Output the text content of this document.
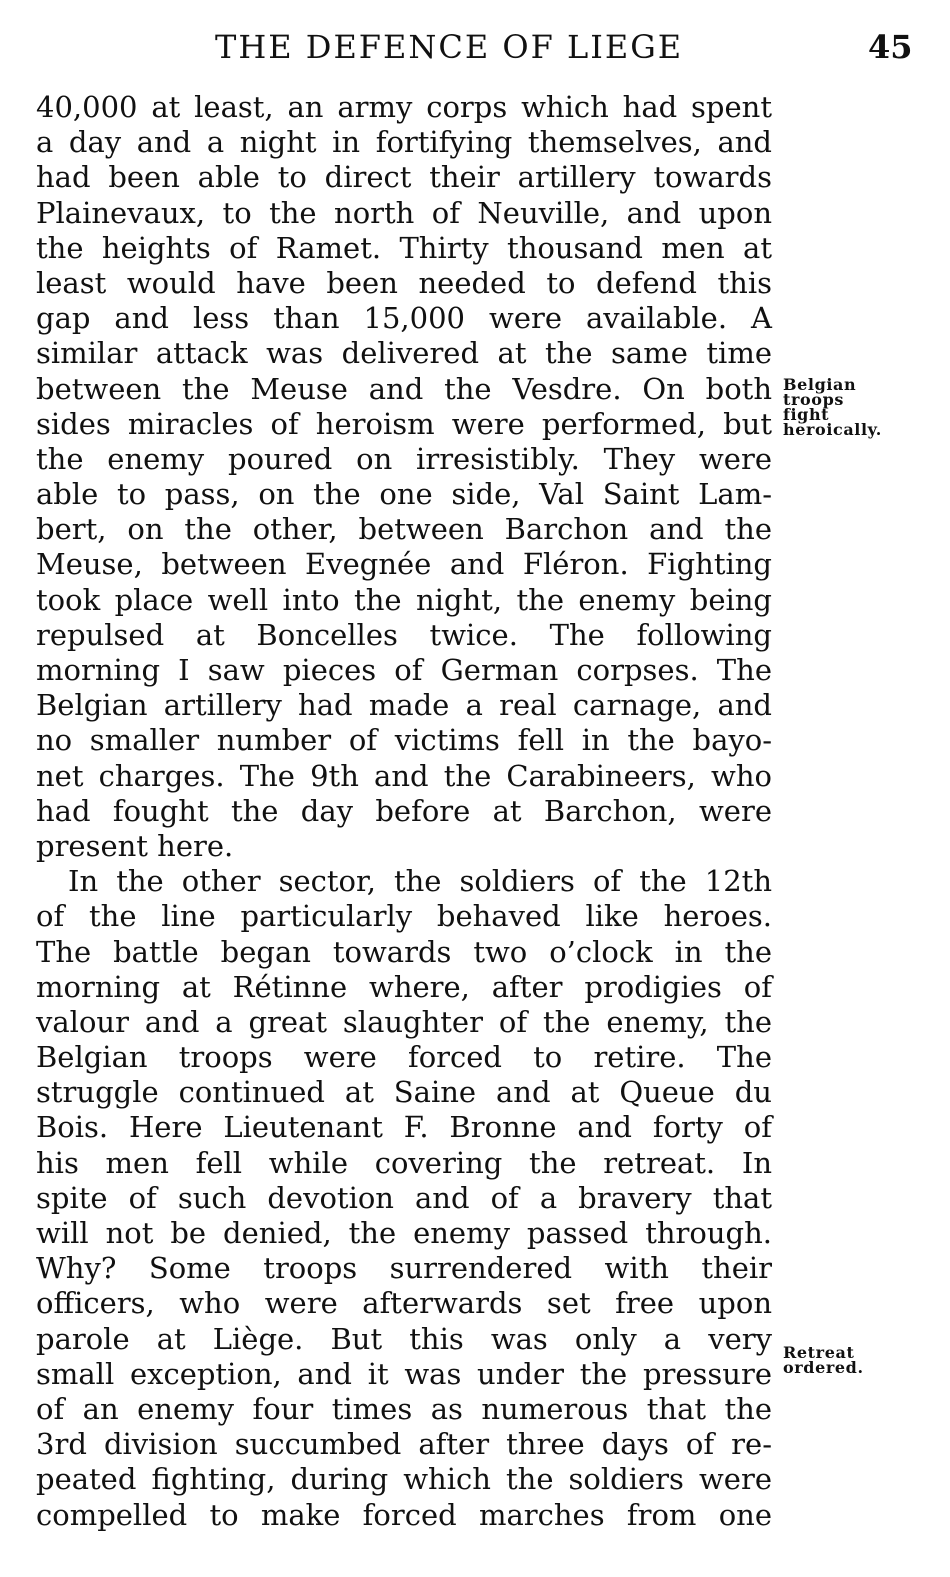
THE DEFENCE OF LIEGE	45
40,000 at least, an army corps which had spent
a day and a night in fortifying themselves, and
had been able to direct their artillery towards
Plainevaux, to the north of Neuville, and upon
the heights of Ramet. Thirty thousand men at
least would have been needed to defend this
gap and less than 15,000 were available. A
similar attack was delivered at the same time
between the Meuse and the Vesdre. On both
sides miracles of heroism were performed, but
the enemy poured on irresistibly. They were
able to pass, on the one side, Val Saint Lam-
bert, on the other, between Barchon and the
Meuse, between Evegnée and Fléron. Fighting
took place well into the night, the enemy being
repulsed at Boncelles twice. The following
morning I saw pieces of German corpses. The
Belgian artillery had made a real carnage, and
no smaller number of victims fell in the bayo-
net charges. The 9th and the Carabineers, who
had fought the day before at Barchon, were
present here.
In the other sector, the soldiers of the 12th
of the line particularly behaved like heroes.
The battle began towards two o’clock in the
morning at Rétinne where, after prodigies of
valour and a great slaughter of the enemy, the
Belgian troops were forced to retire. The
struggle continued at Saine and at Queue du
Bois. Here Lieutenant F. Bronne and forty of
his men fell while covering the retreat. In
spite of such devotion and of a bravery that
will not be denied, the enemy passed through.
Why? Some troops surrendered with their
officers, who were afterwards set free upon
parole at Liège. But this was only a very
small exception, and it was under the pressure
of an enemy four times as numerous that the
3rd division succumbed after three days of re-
peated fighting, during which the soldiers were
compelled to make forced marches from one
Belgian
troops
fight
heroically.
Retreat
ordered.
